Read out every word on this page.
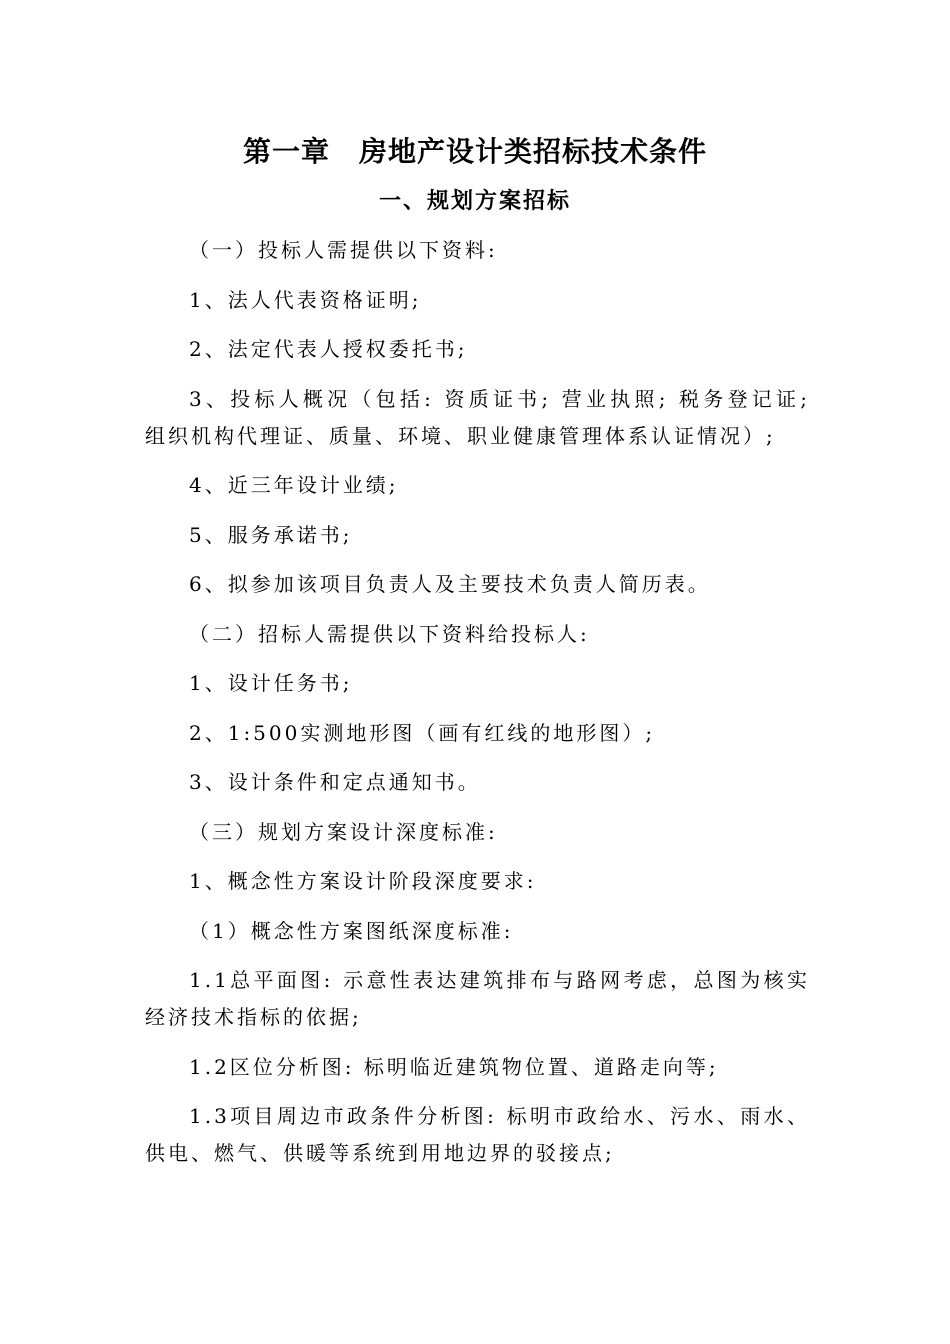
第一章　房地产设计类招标技术条件
一、规划方案招标

（一）投标人需提供以下资料:

1、法人代表资格证明;

2、法定代表人授权委托书;

3、投标人概况（包括: 资质证书; 营业执照; 税务登记证; 组织机构代理证、质量、环境、职业健康管理体系认证情况）;

4、近三年设计业绩;

5、服务承诺书;

6、拟参加该项目负责人及主要技术负责人简历表。

（二）招标人需提供以下资料给投标人:

1、设计任务书;

2、1:500实测地形图（画有红线的地形图）;

3、设计条件和定点通知书。

（三）规划方案设计深度标准:

1、概念性方案设计阶段深度要求:

（1）概念性方案图纸深度标准:

1.1总平面图: 示意性表达建筑排布与路网考虑，总图为核实经济技术指标的依据;

1.2区位分析图: 标明临近建筑物位置、道路走向等;

1.3项目周边市政条件分析图: 标明市政给水、污水、雨水、供电、燃气、供暖等系统到用地边界的驳接点;
